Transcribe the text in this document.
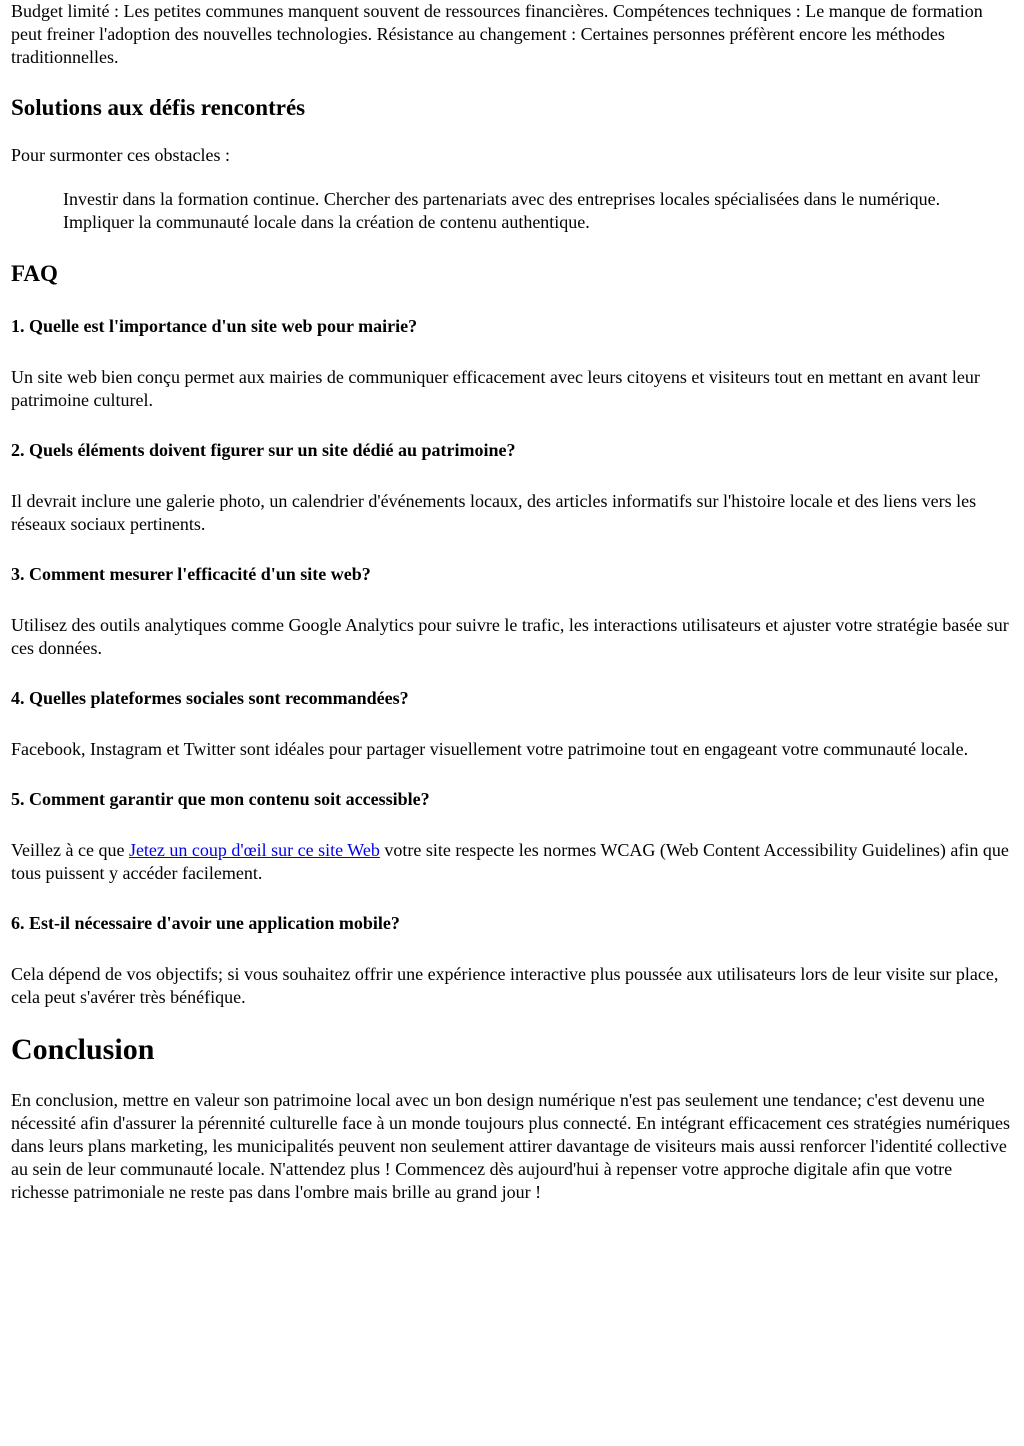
Budget limité : Les petites communes manquent souvent de ressources financières. Compétences techniques : Le manque de formation peut freiner l'adoption des nouvelles technologies. Résistance au changement : Certaines personnes préfèrent encore les méthodes traditionnelles.

Solutions aux défis rencontrés

Pour surmonter ces obstacles :

Investir dans la formation continue. Chercher des partenariats avec des entreprises locales spécialisées dans le numérique. Impliquer la communauté locale dans la création de contenu authentique.
FAQ
1. Quelle est l'importance d'un site web pour mairie?

Un site web bien conçu permet aux mairies de communiquer efficacement avec leurs citoyens et visiteurs tout en mettant en avant leur patrimoine culturel.

2. Quels éléments doivent figurer sur un site dédié au patrimoine?

Il devrait inclure une galerie photo, un calendrier d'événements locaux, des articles informatifs sur l'histoire locale et des liens vers les réseaux sociaux pertinents.

3. Comment mesurer l'efficacité d'un site web?

Utilisez des outils analytiques comme Google Analytics pour suivre le trafic, les interactions utilisateurs et ajuster votre stratégie basée sur ces données.

4. Quelles plateformes sociales sont recommandées?

Facebook, Instagram et Twitter sont idéales pour partager visuellement votre patrimoine tout en engageant votre communauté locale.

5. Comment garantir que mon contenu soit accessible?

Veillez à ce que Jetez un coup d'œil sur ce site Web votre site respecte les normes WCAG (Web Content Accessibility Guidelines) afin que tous puissent y accéder facilement.

6. Est-il nécessaire d'avoir une application mobile?

Cela dépend de vos objectifs; si vous souhaitez offrir une expérience interactive plus poussée aux utilisateurs lors de leur visite sur place, cela peut s'avérer très bénéfique.

Conclusion

En conclusion, mettre en valeur son patrimoine local avec un bon design numérique n'est pas seulement une tendance; c'est devenu une nécessité afin d'assurer la pérennité culturelle face à un monde toujours plus connecté. En intégrant efficacement ces stratégies numériques dans leurs plans marketing, les municipalités peuvent non seulement attirer davantage de visiteurs mais aussi renforcer l'identité collective au sein de leur communauté locale. N'attendez plus ! Commencez dès aujourd'hui à repenser votre approche digitale afin que votre richesse patrimoniale ne reste pas dans l'ombre mais brille au grand jour !
